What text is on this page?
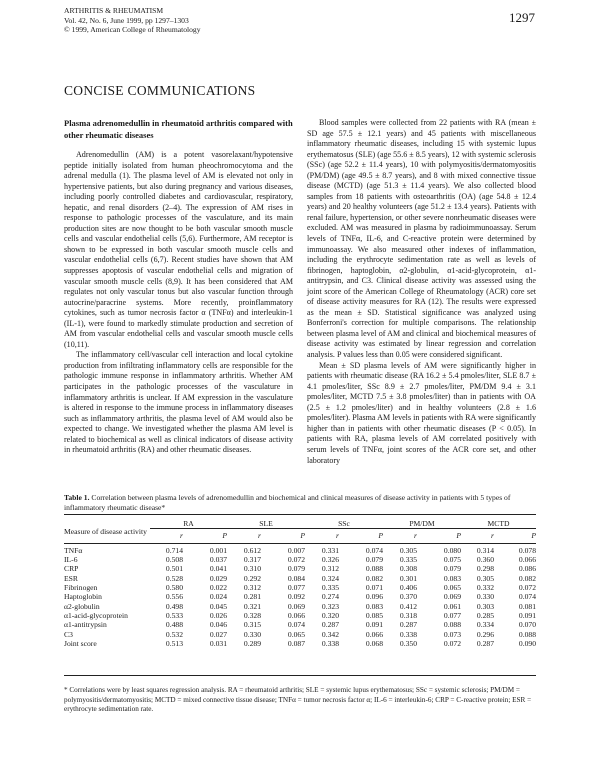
ARTHRITIS & RHEUMATISM
Vol. 42, No. 6, June 1999, pp 1297–1303
© 1999, American College of Rheumatology
1297
CONCISE COMMUNICATIONS

Plasma adrenomedullin in rheumatoid arthritis compared with other rheumatic diseases

Adrenomedullin (AM) is a potent vasorelaxant/hypotensive peptide initially isolated from human pheochromocytoma and the adrenal medulla (1). The plasma level of AM is elevated not only in hypertensive patients, but also during pregnancy and various diseases, including poorly controlled diabetes and cardiovascular, respiratory, hepatic, and renal disorders (2–4). The expression of AM rises in response to pathologic processes of the vasculature, and its main production sites are now thought to be both vascular smooth muscle cells and vascular endothelial cells (5,6). Furthermore, AM receptor is shown to be expressed in both vascular smooth muscle cells and vascular endothelial cells (6,7). Recent studies have shown that AM suppresses apoptosis of vascular endothelial cells and migration of vascular smooth muscle cells (8,9). It has been considered that AM regulates not only vascular tonus but also vascular function through autocrine/paracrine systems. More recently, proinflammatory cytokines, such as tumor necrosis factor α (TNFα) and interleukin-1 (IL-1), were found to markedly stimulate production and secretion of AM from vascular endothelial cells and vascular smooth muscle cells (10,11).

The inflammatory cell/vascular cell interaction and local cytokine production from infiltrating inflammatory cells are responsible for the pathologic immune response in inflammatory arthritis. Whether AM participates in the pathologic processes of the vasculature in inflammatory arthritis is unclear. If AM expression in the vasculature is altered in response to the immune process in inflammatory diseases such as inflammatory arthritis, the plasma level of AM would also be expected to change. We investigated whether the plasma AM level is related to biochemical as well as clinical indicators of disease activity in rheumatoid arthritis (RA) and other rheumatic diseases.

Blood samples were collected from 22 patients with RA (mean ± SD age 57.5 ± 12.1 years) and 45 patients with miscellaneous inflammatory rheumatic diseases, including 15 with systemic lupus erythematosus (SLE) (age 55.6 ± 8.5 years), 12 with systemic sclerosis (SSc) (age 52.2 ± 11.4 years), 10 with polymyositis/dermatomyositis (PM/DM) (age 49.5 ± 8.7 years), and 8 with mixed connective tissue disease (MCTD) (age 51.3 ± 11.4 years). We also collected blood samples from 18 patients with osteoarthritis (OA) (age 54.8 ± 12.4 years) and 20 healthy volunteers (age 51.2 ± 13.4 years). Patients with renal failure, hypertension, or other severe nonrheumatic diseases were excluded. AM was measured in plasma by radioimmunoassay. Serum levels of TNFα, IL-6, and C-reactive protein were determined by immunoassay. We also measured other indexes of inflammation, including the erythrocyte sedimentation rate as well as levels of fibrinogen, haptoglobin, α2-globulin, α1-acid-glycoprotein, α1-antitrypsin, and C3. Clinical disease activity was assessed using the joint score of the American College of Rheumatology (ACR) core set of disease activity measures for RA (12). The results were expressed as the mean ± SD. Statistical significance was analyzed using Bonferroni's correction for multiple comparisons. The relationship between plasma level of AM and clinical and biochemical measures of disease activity was estimated by linear regression and correlation analysis. P values less than 0.05 were considered significant.

Mean ± SD plasma levels of AM were significantly higher in patients with rheumatic disease (RA 16.2 ± 5.4 pmoles/liter, SLE 8.7 ± 4.1 pmoles/liter, SSc 8.9 ± 2.7 pmoles/liter, PM/DM 9.4 ± 3.1 pmoles/liter, MCTD 7.5 ± 3.8 pmoles/liter) than in patients with OA (2.5 ± 1.2 pmoles/liter) and in healthy volunteers (2.8 ± 1.6 pmoles/liter). Plasma AM levels in patients with RA were significantly higher than in patients with other rheumatic diseases (P < 0.05). In patients with RA, plasma levels of AM correlated positively with serum levels of TNFα, joint scores of the ACR core set, and other laboratory

Table 1. Correlation between plasma levels of adrenomedullin and biochemical and clinical measures of disease activity in patients with 5 types of inflammatory rheumatic disease*
Measure of disease activity	RA		SLE		SSc		PM/DM		MCTD	
	r	P	r	P	r	P	r	P	r	P
TNFα	0.714	0.001	0.612	0.007	0.331	0.074	0.305	0.080	0.314	0.078
IL-6	0.508	0.037	0.317	0.072	0.326	0.079	0.335	0.075	0.360	0.066
CRP	0.501	0.041	0.310	0.079	0.312	0.088	0.308	0.079	0.298	0.086
ESR	0.528	0.029	0.292	0.084	0.324	0.082	0.301	0.083	0.305	0.082
Fibrinogen	0.580	0.022	0.312	0.077	0.335	0.071	0.406	0.065	0.332	0.072
Haptoglobin	0.556	0.024	0.281	0.092	0.274	0.096	0.370	0.069	0.330	0.074
α2-globulin	0.498	0.045	0.321	0.069	0.323	0.083	0.412	0.061	0.303	0.081
α1-acid-glycoprotein	0.533	0.026	0.328	0.066	0.320	0.085	0.318	0.077	0.285	0.091
α1-antitrypsin	0.488	0.046	0.315	0.074	0.287	0.091	0.287	0.088	0.334	0.070
C3	0.532	0.027	0.330	0.065	0.342	0.066	0.338	0.073	0.296	0.088
Joint score	0.513	0.031	0.289	0.087	0.338	0.068	0.350	0.072	0.287	0.090
* Correlations were by least squares regression analysis. RA = rheumatoid arthritis; SLE = systemic lupus erythematosus; SSc = systemic sclerosis; PM/DM = polymyositis/dermatomyositis; MCTD = mixed connective tissue disease; TNFα = tumor necrosis factor α; IL-6 = interleukin-6; CRP = C-reactive protein; ESR = erythrocyte sedimentation rate.
